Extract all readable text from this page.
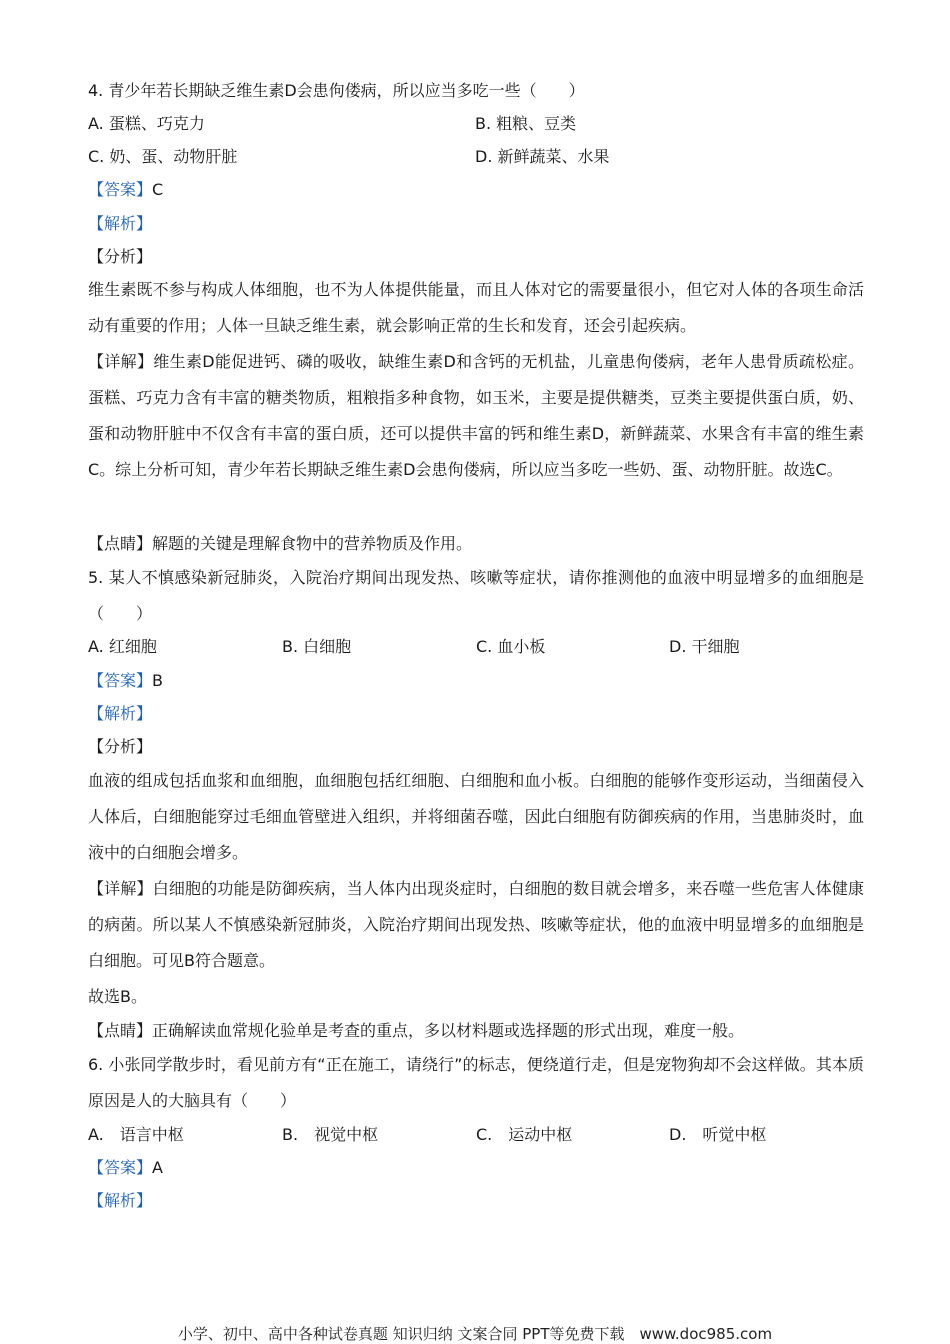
4. 青少年若长期缺乏维生素D会患佝偻病，所以应当多吃一些（　　）
A. 蛋糕、巧克力	B. 粗粮、豆类
C. 奶、蛋、动物肝脏	D. 新鲜蔬菜、水果
【答案】C
【解析】
【分析】
维生素既不参与构成人体细胞，也不为人体提供能量，而且人体对它的需要量很小，但它对人体的各项生命活动有重要的作用；人体一旦缺乏维生素，就会影响正常的生长和发育，还会引起疾病。
【详解】维生素D能促进钙、磷的吸收，缺维生素D和含钙的无机盐，儿童患佝偻病，老年人患骨质疏松症。蛋糕、巧克力含有丰富的糖类物质，粗粮指多种食物，如玉米，主要是提供糖类，豆类主要提供蛋白质，奶、蛋和动物肝脏中不仅含有丰富的蛋白质，还可以提供丰富的钙和维生素D，新鲜蔬菜、水果含有丰富的维生素C。综上分析可知，青少年若长期缺乏维生素D会患佝偻病，所以应当多吃一些奶、蛋、动物肝脏。故选C。
【点睛】解题的关键是理解食物中的营养物质及作用。
5. 某人不慎感染新冠肺炎，入院治疗期间出现发热、咳嗽等症状，请你推测他的血液中明显增多的血细胞是（　　）
A. 红细胞	B. 白细胞	C. 血小板	D. 干细胞
【答案】B
【解析】
【分析】
血液的组成包括血浆和血细胞，血细胞包括红细胞、白细胞和血小板。白细胞的能够作变形运动，当细菌侵入人体后，白细胞能穿过毛细血管壁进入组织，并将细菌吞噬，因此白细胞有防御疾病的作用，当患肺炎时，血液中的白细胞会增多。
【详解】白细胞的功能是防御疾病，当人体内出现炎症时，白细胞的数目就会增多，来吞噬一些危害人体健康的病菌。所以某人不慎感染新冠肺炎，入院治疗期间出现发热、咳嗽等症状，他的血液中明显增多的血细胞是白细胞。可见B符合题意。
故选B。
【点睛】正确解读血常规化验单是考查的重点，多以材料题或选择题的形式出现，难度一般。
6. 小张同学散步时，看见前方有“正在施工，请绕行”的标志，便绕道行走，但是宠物狗却不会这样做。其本质原因是人的大脑具有（　　）
A.　语言中枢	B.　视觉中枢	C.　运动中枢	D.　听觉中枢
【答案】A
【解析】
小学、初中、高中各种试卷真题 知识归纳 文案合同 PPT等免费下载　www.doc985.com
